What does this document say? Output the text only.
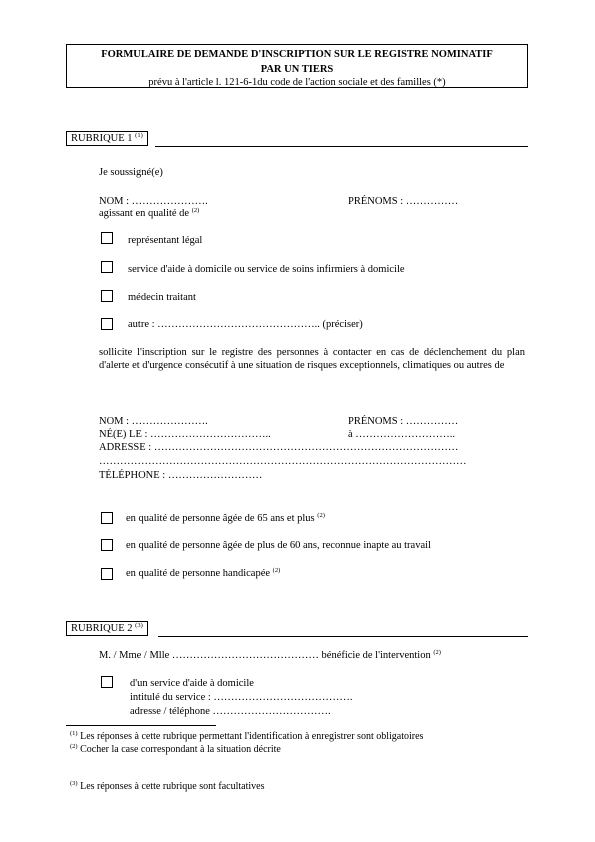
FORMULAIRE DE DEMANDE D'INSCRIPTION SUR LE REGISTRE NOMINATIF
PAR UN TIERS
prévu à l'article l. 121-6-1du code de l'action sociale et des familles (*)
RUBRIQUE 1 $^{(1)}$
Je soussigné(e)
NOM : ………………….	PRÉNOMS : ……………
agissant en qualité de $^{(2)}$
représentant légal
service d'aide à domicile ou service de soins infirmiers à domicile
médecin traitant
autre : ……………………………………….. (préciser)
sollicite l'inscription sur le registre des personnes à contacter en cas de déclenchement du plan d'alerte et d'urgence consécutif à une situation de risques exceptionnels, climatiques ou autres de
NOM : ………………….	PRÉNOMS : ……………
NÉ(E) LE : ……………………………..	à ………………………..
ADRESSE : ……………………………………………………………………………
……………………………………………………………………………………………
TÉLÉPHONE : ………………………
en qualité de personne âgée de 65 ans et plus $^{(2)}$
en qualité de personne âgée de plus de 60 ans, reconnue inapte au travail
en qualité de personne handicapée $^{(2)}$
RUBRIQUE 2 $^{(3)}$
M. / Mme / Mlle …………………………………… bénéficie de l'intervention $^{(2)}$
d'un service d'aide à domicile
intitulé du service : ………………………………….
adresse / téléphone …………………………….
$^{(1)}$ Les réponses à cette rubrique permettant l'identification à enregistrer sont obligatoires
$^{(2)}$ Cocher la case correspondant à la situation décrite
$^{(3)}$ Les réponses à cette rubrique sont facultatives
